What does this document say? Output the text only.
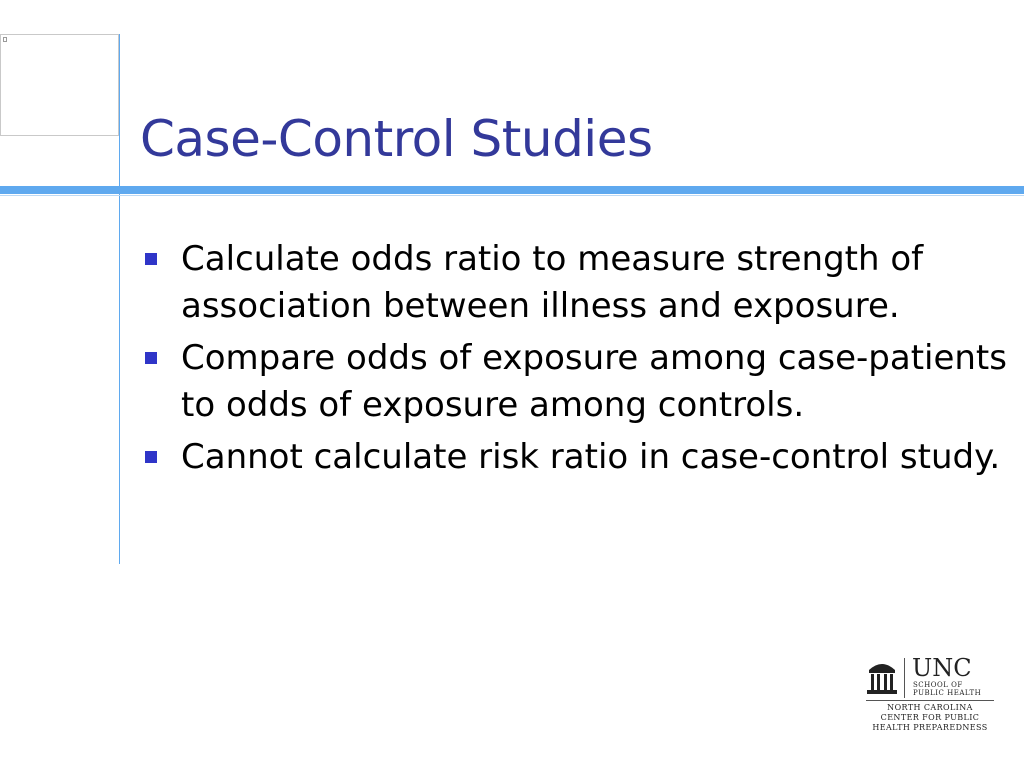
Case-Control Studies
Calculate odds ratio to measure strength of association between illness and exposure.
Compare odds of exposure among case-patients to odds of exposure among controls.
Cannot calculate risk ratio in case-control study.
UNC
SCHOOL OF
PUBLIC HEALTH
NORTH CAROLINA
CENTER FOR PUBLIC
HEALTH PREPAREDNESS
